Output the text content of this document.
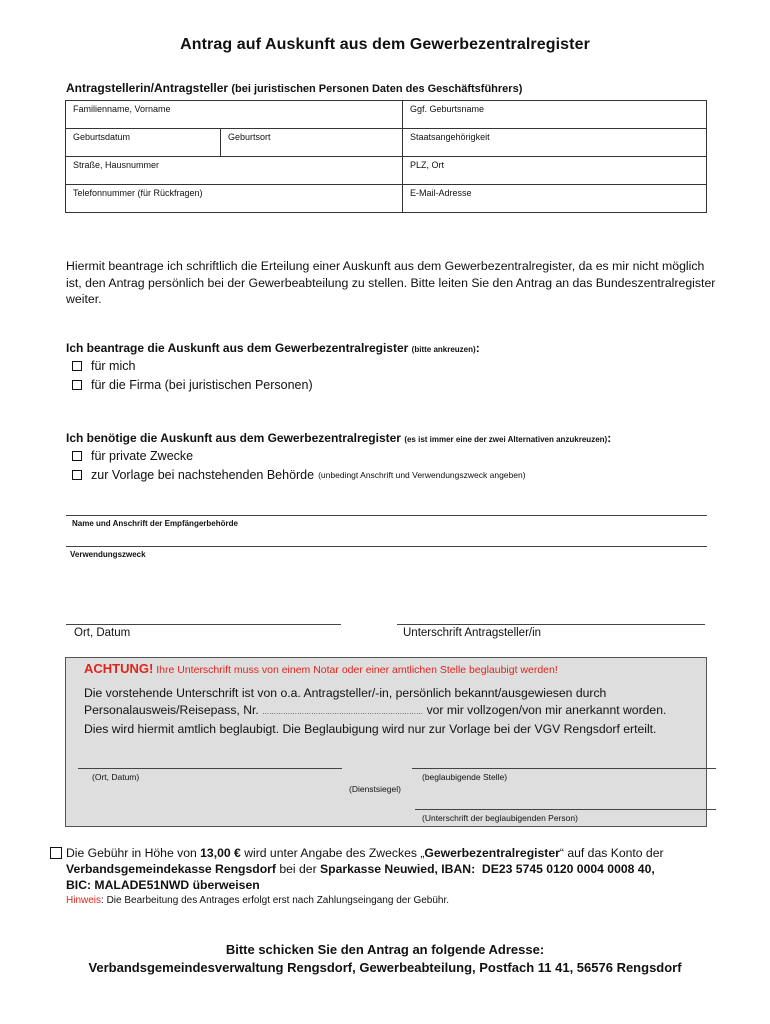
Antrag auf Auskunft aus dem Gewerbezentralregister
Antragstellerin/Antragsteller (bei juristischen Personen Daten des Geschäftsführers)
Familienname, Vorname		Ggf. Geburtsname
Geburtsdatum	Geburtsort	Staatsangehörigkeit
Straße, Hausnummer		PLZ, Ort
Telefonnummer (für Rückfragen)		E-Mail-Adresse
Hiermit beantrage ich schriftlich die Erteilung einer Auskunft aus dem Gewerbezentralregister, da es mir nicht möglich ist, den Antrag persönlich bei der Gewerbeabteilung zu stellen. Bitte leiten Sie den Antrag an das Bundeszentralregister weiter.
Ich beantrage die Auskunft aus dem Gewerbezentralregister (bitte ankreuzen):
für mich
für die Firma (bei juristischen Personen)
Ich benötige die Auskunft aus dem Gewerbezentralregister (es ist immer eine der zwei Alternativen anzukreuzen):
für private Zwecke
zur Vorlage bei nachstehenden Behörde (unbedingt Anschrift und Verwendungszweck angeben)
Name und Anschrift der Empfängerbehörde
Verwendungszweck
Ort, Datum	Unterschrift Antragsteller/in
ACHTUNG! Ihre Unterschrift muss von einem Notar oder einer amtlichen Stelle beglaubigt werden!
Die vorstehende Unterschrift ist von o.a. Antragsteller/-in, persönlich bekannt/ausgewiesen durch
Personalausweis/Reisepass, Nr. …………………………………………………………… vor mir vollzogen/von mir anerkannt worden.
Dies wird hiermit amtlich beglaubigt. Die Beglaubigung wird nur zur Vorlage bei der VGV Rengsdorf erteilt.
(Ort, Datum)
(Dienstsiegel)
(beglaubigende Stelle)
(Unterschrift der beglaubigenden Person)
Die Gebühr in Höhe von 13,00 € wird unter Angabe des Zweckes „Gewerbezentralregister“ auf das Konto der
Verbandsgemeindekasse Rengsdorf bei der Sparkasse Neuwied, IBAN: DE23 5745 0120 0004 0008 40,
BIC: MALADE51NWD überweisen
Hinweis: Die Bearbeitung des Antrages erfolgt erst nach Zahlungseingang der Gebühr.
Bitte schicken Sie den Antrag an folgende Adresse:
Verbandsgemeindesverwaltung Rengsdorf, Gewerbeabteilung, Postfach 11 41, 56576 Rengsdorf
